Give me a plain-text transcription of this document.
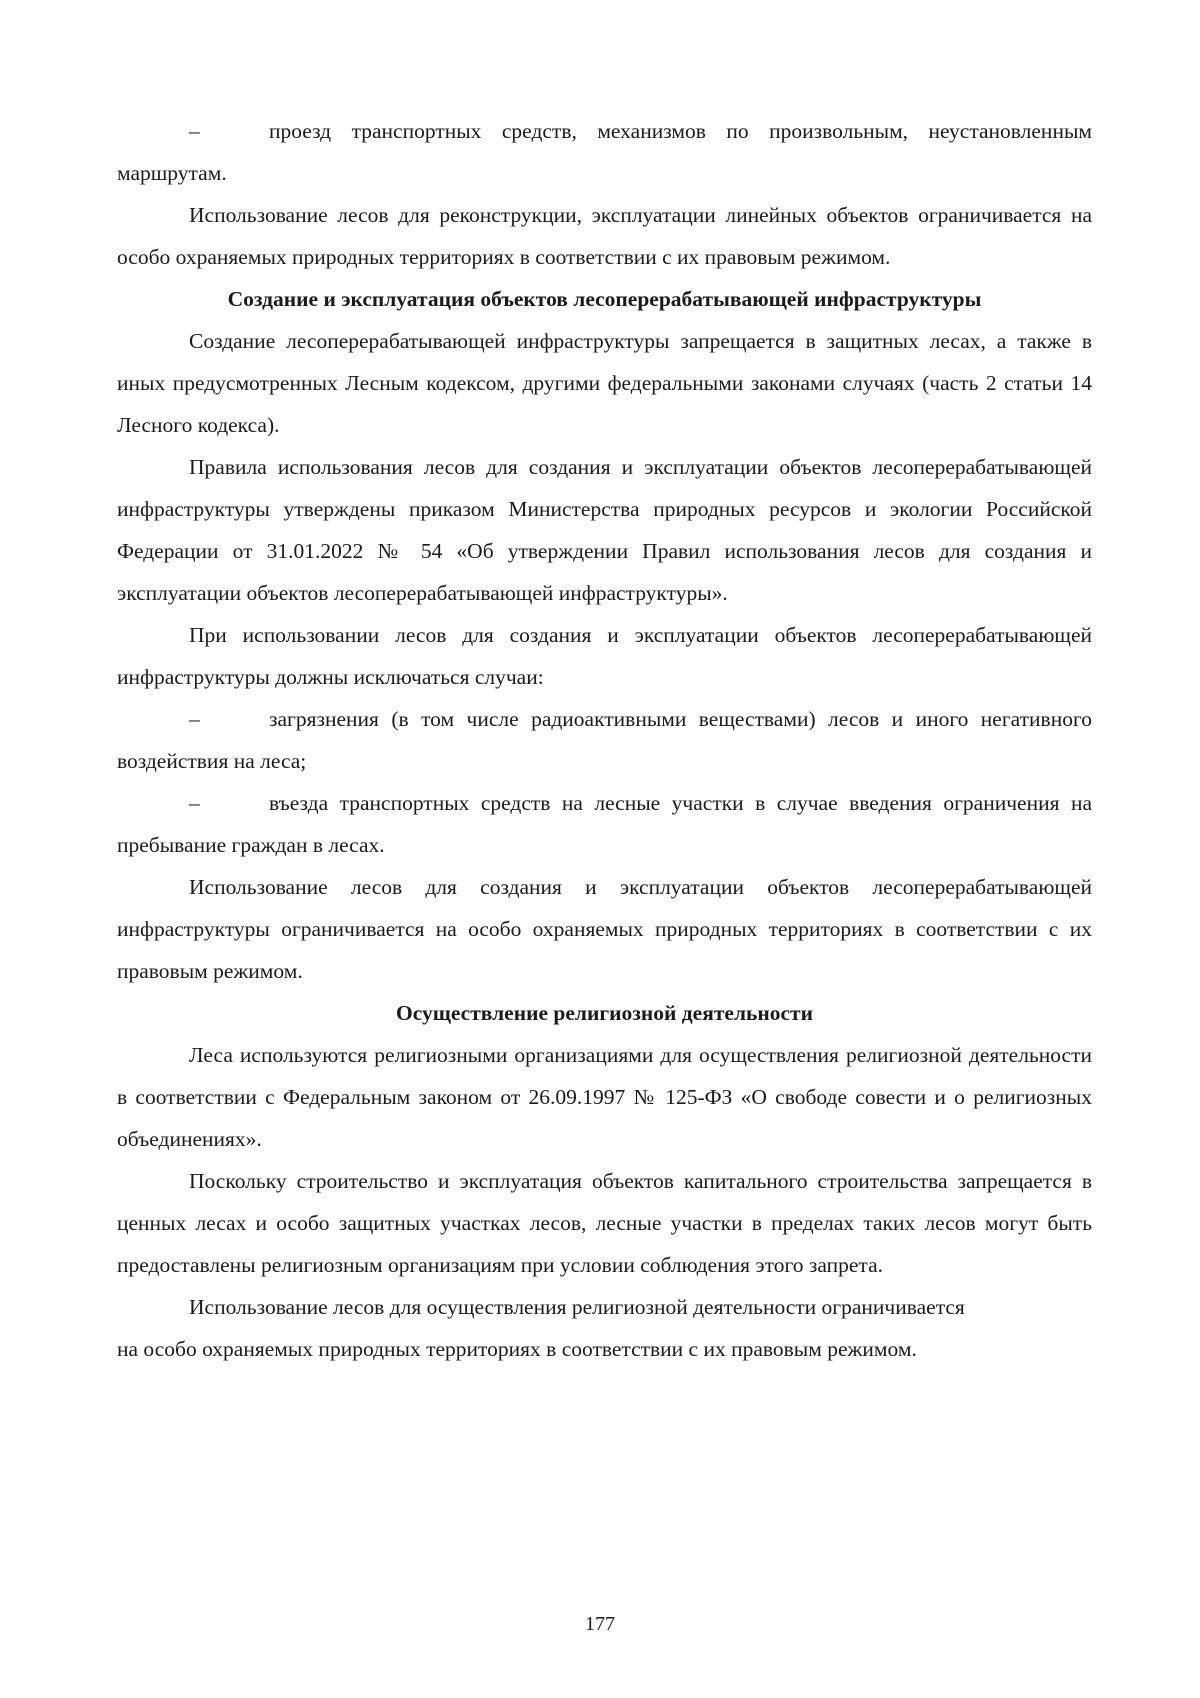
–	проезд транспортных средств, механизмов по произвольным, неустановленным маршрутам.

Использование лесов для реконструкции, эксплуатации линейных объектов ограничивается на особо охраняемых природных территориях в соответствии с их правовым режимом.

Создание и эксплуатация объектов лесоперерабатывающей инфраструктуры

Создание лесоперерабатывающей инфраструктуры запрещается в защитных лесах, а также в иных предусмотренных Лесным кодексом, другими федеральными законами случаях (часть 2 статьи 14 Лесного кодекса).

Правила использования лесов для создания и эксплуатации объектов лесоперерабатывающей инфраструктуры утверждены приказом Министерства природных ресурсов и экологии Российской Федерации от 31.01.2022 № 54 «Об утверждении Правил использования лесов для создания и эксплуатации объектов лесоперерабатывающей инфраструктуры».

При использовании лесов для создания и эксплуатации объектов лесоперерабатывающей инфраструктуры должны исключаться случаи:

–	загрязнения (в том числе радиоактивными веществами) лесов и иного негативного воздействия на леса;

–	въезда транспортных средств на лесные участки в случае введения ограничения на пребывание граждан в лесах.

Использование лесов для создания и эксплуатации объектов лесоперерабатывающей инфраструктуры ограничивается на особо охраняемых природных территориях в соответствии с их правовым режимом.

Осуществление религиозной деятельности

Леса используются религиозными организациями для осуществления религиозной деятельности в соответствии с Федеральным законом от 26.09.1997 № 125-ФЗ «О свободе совести и о религиозных объединениях».

Поскольку строительство и эксплуатация объектов капитального строительства запрещается в ценных лесах и особо защитных участках лесов, лесные участки в пределах таких лесов могут быть предоставлены религиозным организациям при условии соблюдения этого запрета.

Использование лесов для осуществления религиозной деятельности ограничивается
на особо охраняемых природных территориях в соответствии с их правовым режимом.

177
